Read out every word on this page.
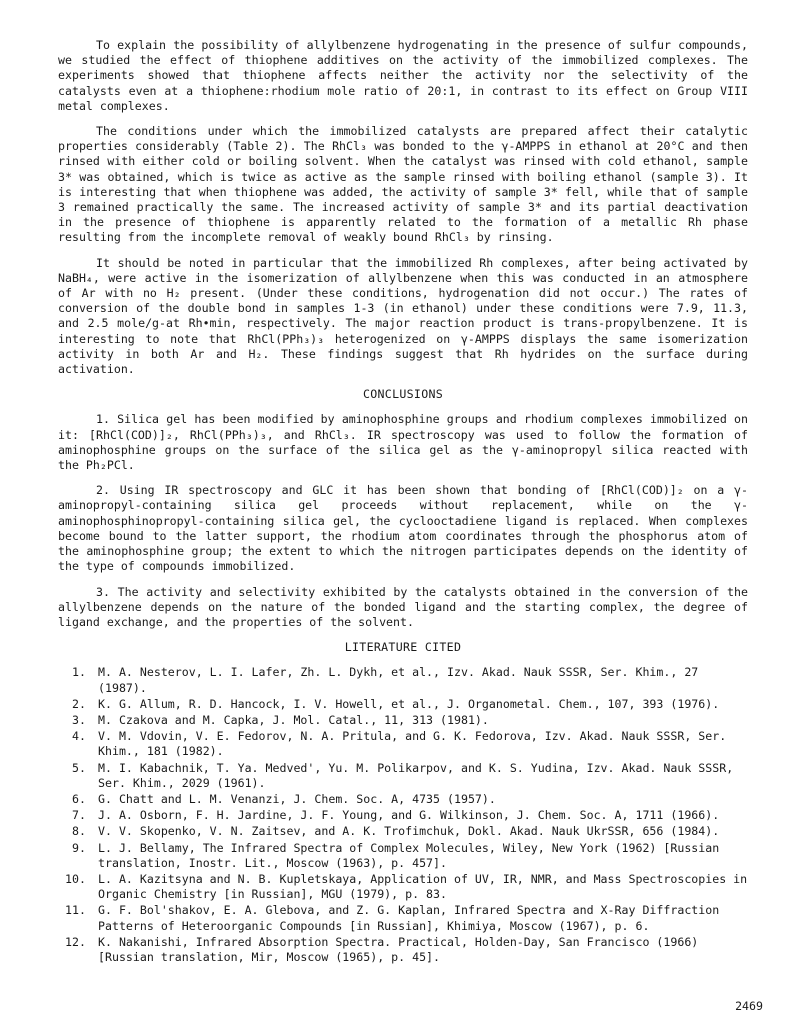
To explain the possibility of allylbenzene hydrogenating in the presence of sulfur compounds, we studied the effect of thiophene additives on the activity of the immobilized complexes. The experiments showed that thiophene affects neither the activity nor the selectivity of the catalysts even at a thiophene:rhodium mole ratio of 20:1, in contrast to its effect on Group VIII metal complexes.

The conditions under which the immobilized catalysts are prepared affect their catalytic properties considerably (Table 2). The RhCl₃ was bonded to the γ-AMPPS in ethanol at 20°C and then rinsed with either cold or boiling solvent. When the catalyst was rinsed with cold ethanol, sample 3* was obtained, which is twice as active as the sample rinsed with boiling ethanol (sample 3). It is interesting that when thiophene was added, the activity of sample 3* fell, while that of sample 3 remained practically the same. The increased activity of sample 3* and its partial deactivation in the presence of thiophene is apparently related to the formation of a metallic Rh phase resulting from the incomplete removal of weakly bound RhCl₃ by rinsing.

It should be noted in particular that the immobilized Rh complexes, after being activated by NaBH₄, were active in the isomerization of allylbenzene when this was conducted in an atmosphere of Ar with no H₂ present. (Under these conditions, hydrogenation did not occur.) The rates of conversion of the double bond in samples 1-3 (in ethanol) under these conditions were 7.9, 11.3, and 2.5 mole/g-at Rh•min, respectively. The major reaction product is trans-propylbenzene. It is interesting to note that RhCl(PPh₃)₃ heterogenized on γ-AMPPS displays the same isomerization activity in both Ar and H₂. These findings suggest that Rh hydrides on the surface during activation.

CONCLUSIONS

1. Silica gel has been modified by aminophosphine groups and rhodium complexes immobilized on it: [RhCl(COD)]₂, RhCl(PPh₃)₃, and RhCl₃. IR spectroscopy was used to follow the formation of aminophosphine groups on the surface of the silica gel as the γ-aminopropyl silica reacted with the Ph₂PCl.

2. Using IR spectroscopy and GLC it has been shown that bonding of [RhCl(COD)]₂ on a γ-aminopropyl-containing silica gel proceeds without replacement, while on the γ-aminophosphinopropyl-containing silica gel, the cyclooctadiene ligand is replaced. When complexes become bound to the latter support, the rhodium atom coordinates through the phosphorus atom of the aminophosphine group; the extent to which the nitrogen participates depends on the identity of the type of compounds immobilized.

3. The activity and selectivity exhibited by the catalysts obtained in the conversion of the allylbenzene depends on the nature of the bonded ligand and the starting complex, the degree of ligand exchange, and the properties of the solvent.

LITERATURE CITED
1. M. A. Nesterov, L. I. Lafer, Zh. L. Dykh, et al., Izv. Akad. Nauk SSSR, Ser. Khim., 27 (1987).
2. K. G. Allum, R. D. Hancock, I. V. Howell, et al., J. Organometal. Chem., 107, 393 (1976).
3. M. Czakova and M. Capka, J. Mol. Catal., 11, 313 (1981).
4. V. M. Vdovin, V. E. Fedorov, N. A. Pritula, and G. K. Fedorova, Izv. Akad. Nauk SSSR, Ser. Khim., 181 (1982).
5. M. I. Kabachnik, T. Ya. Medved', Yu. M. Polikarpov, and K. S. Yudina, Izv. Akad. Nauk SSSR, Ser. Khim., 2029 (1961).
6. G. Chatt and L. M. Venanzi, J. Chem. Soc. A, 4735 (1957).
7. J. A. Osborn, F. H. Jardine, J. F. Young, and G. Wilkinson, J. Chem. Soc. A, 1711 (1966).
8. V. V. Skopenko, V. N. Zaitsev, and A. K. Trofimchuk, Dokl. Akad. Nauk UkrSSR, 656 (1984).
9. L. J. Bellamy, The Infrared Spectra of Complex Molecules, Wiley, New York (1962) [Russian translation, Inostr. Lit., Moscow (1963), p. 457].
10. L. A. Kazitsyna and N. B. Kupletskaya, Application of UV, IR, NMR, and Mass Spectroscopies in Organic Chemistry [in Russian], MGU (1979), p. 83.
11. G. F. Bol'shakov, E. A. Glebova, and Z. G. Kaplan, Infrared Spectra and X-Ray Diffraction Patterns of Heteroorganic Compounds [in Russian], Khimiya, Moscow (1967), p. 6.
12. K. Nakanishi, Infrared Absorption Spectra. Practical, Holden-Day, San Francisco (1966) [Russian translation, Mir, Moscow (1965), p. 45].
2469
